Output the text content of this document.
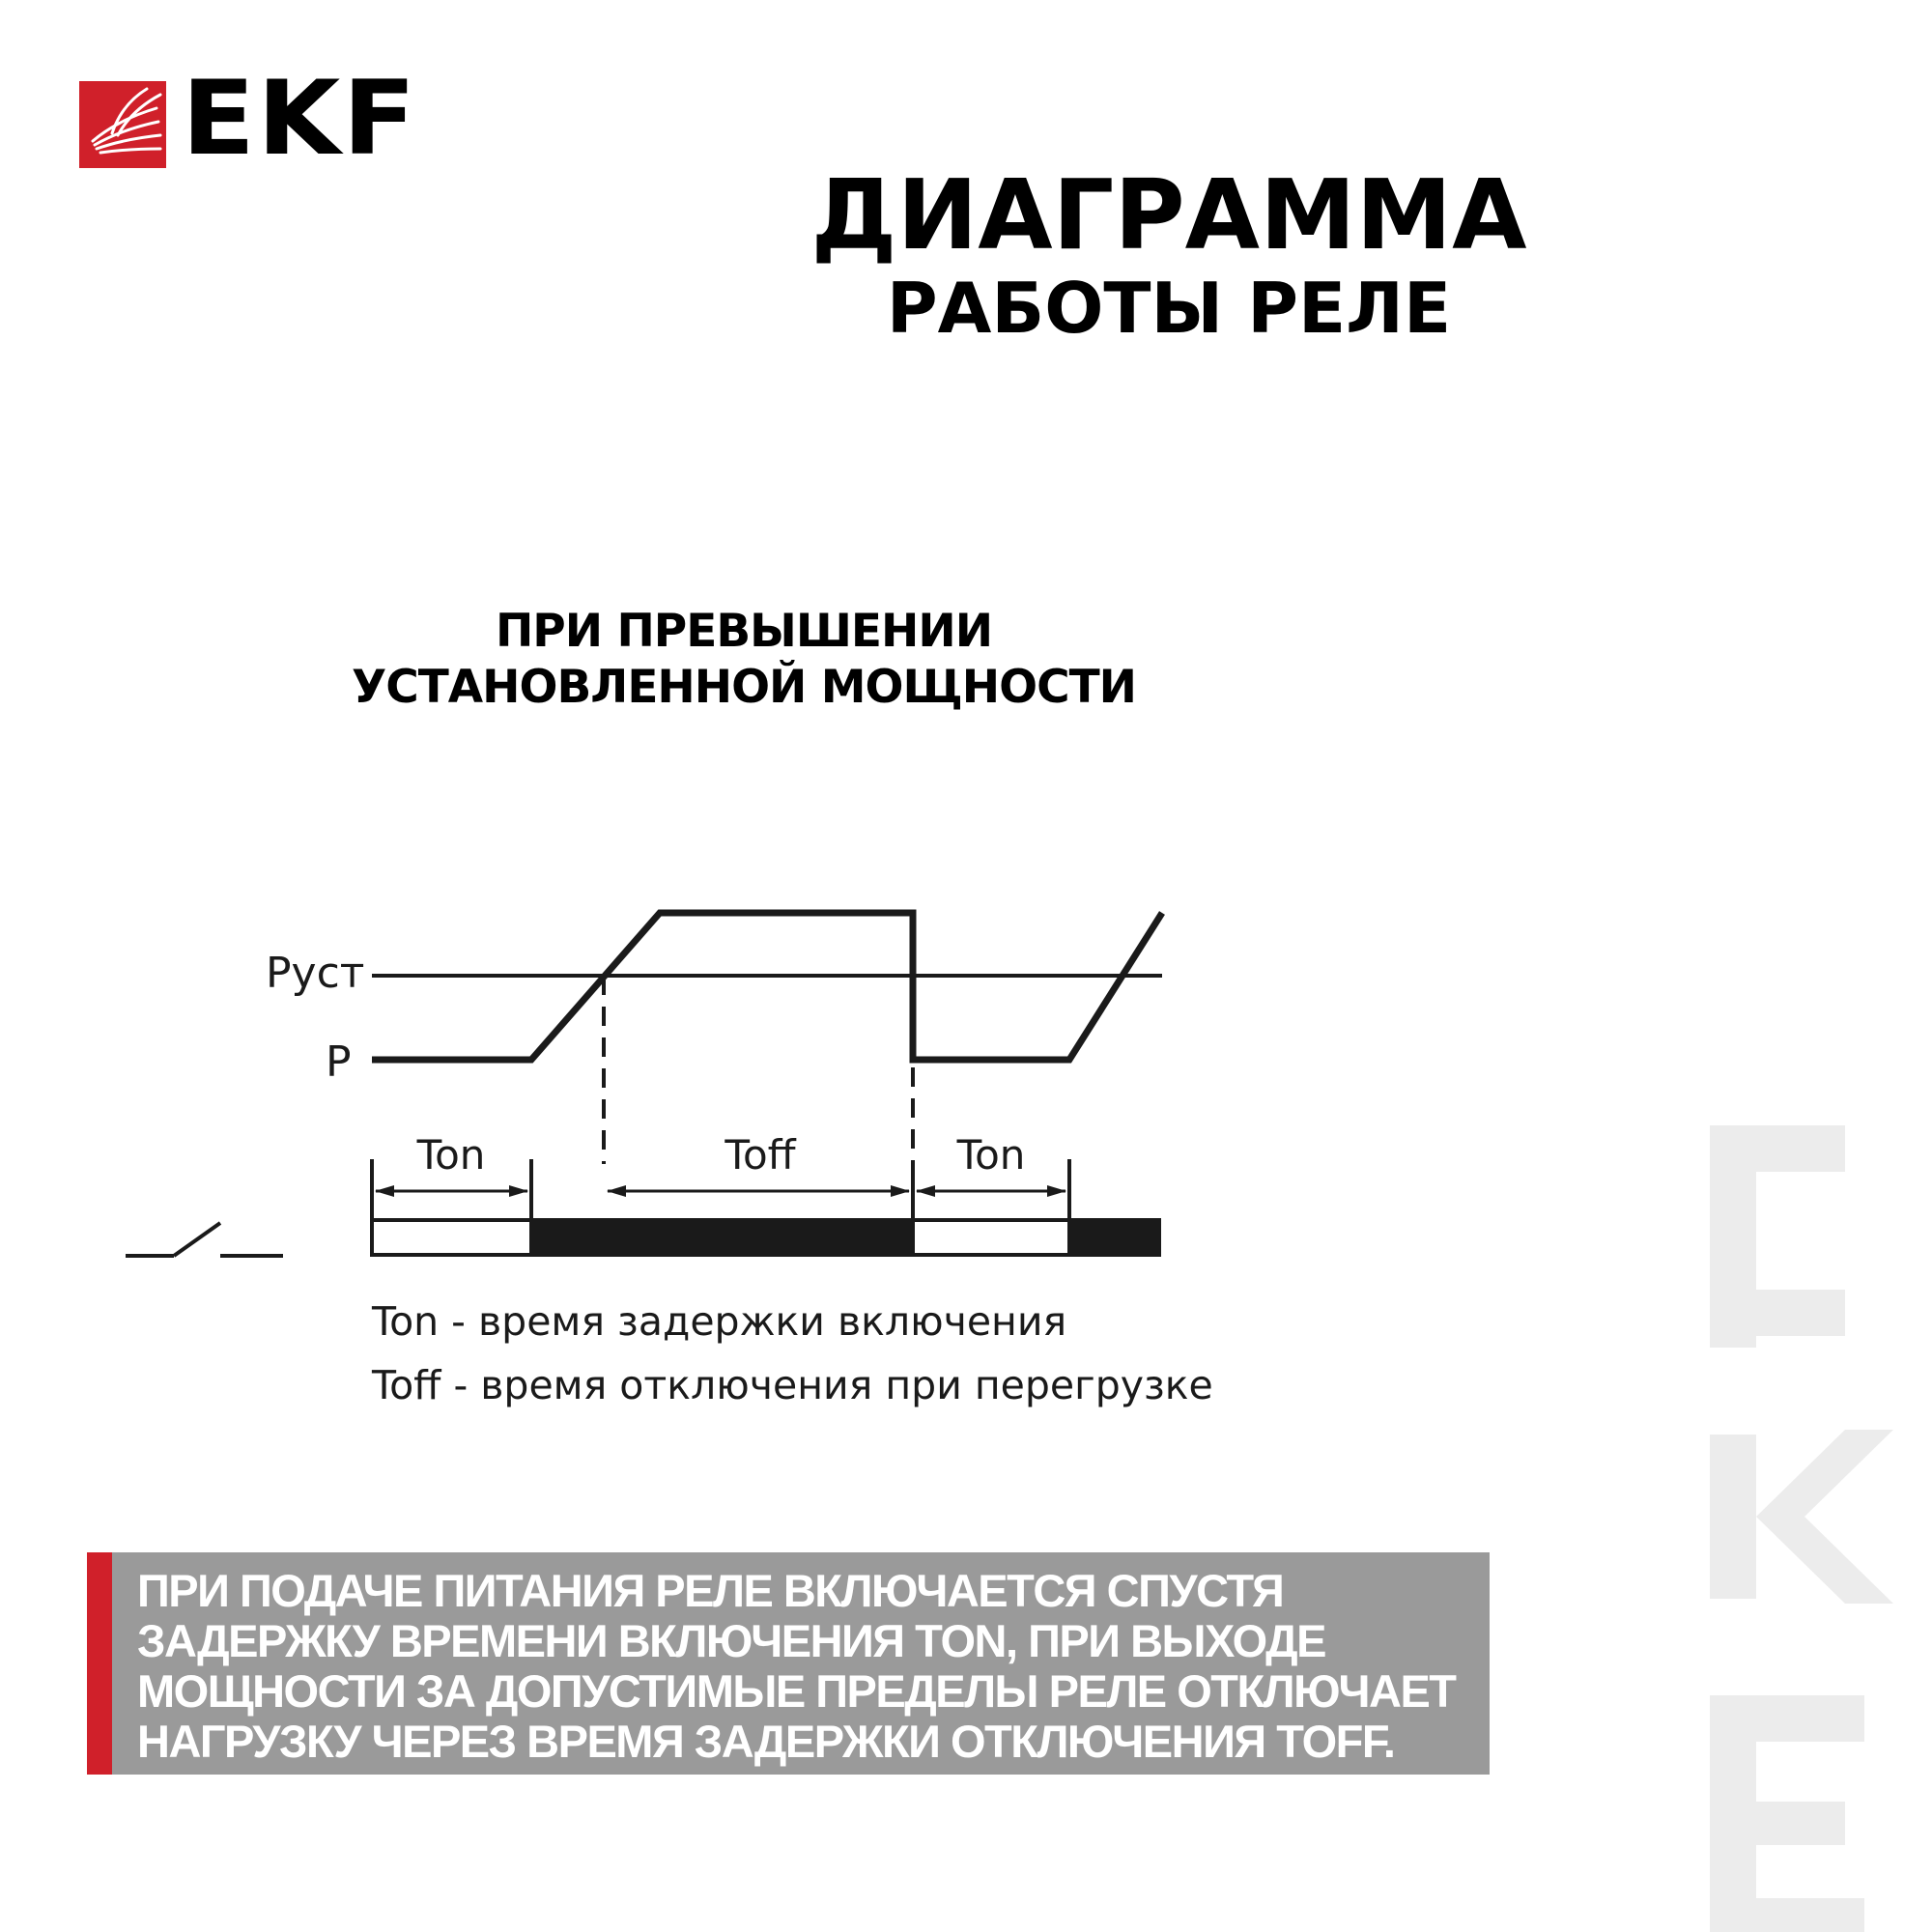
EKF
ДИАГРАММА
РАБОТЫ РЕЛЕ
ПРИ ПРЕВЫШЕНИИ
УСТАНОВЛЕННОЙ МОЩНОСТИ
Руст
P
Ton	Toff	Ton
Ton - время задержки включения
Toff - время отключения при перегрузке
ПРИ ПОДАЧЕ ПИТАНИЯ РЕЛЕ ВКЛЮЧАЕТСЯ СПУСТЯ
ЗАДЕРЖКУ ВРЕМЕНИ ВКЛЮЧЕНИЯ TON, ПРИ ВЫХОДЕ
МОЩНОСТИ ЗА ДОПУСТИМЫЕ ПРЕДЕЛЫ РЕЛЕ ОТКЛЮЧАЕТ
НАГРУЗКУ ЧЕРЕЗ ВРЕМЯ ЗАДЕРЖКИ ОТКЛЮЧЕНИЯ TOFF.
